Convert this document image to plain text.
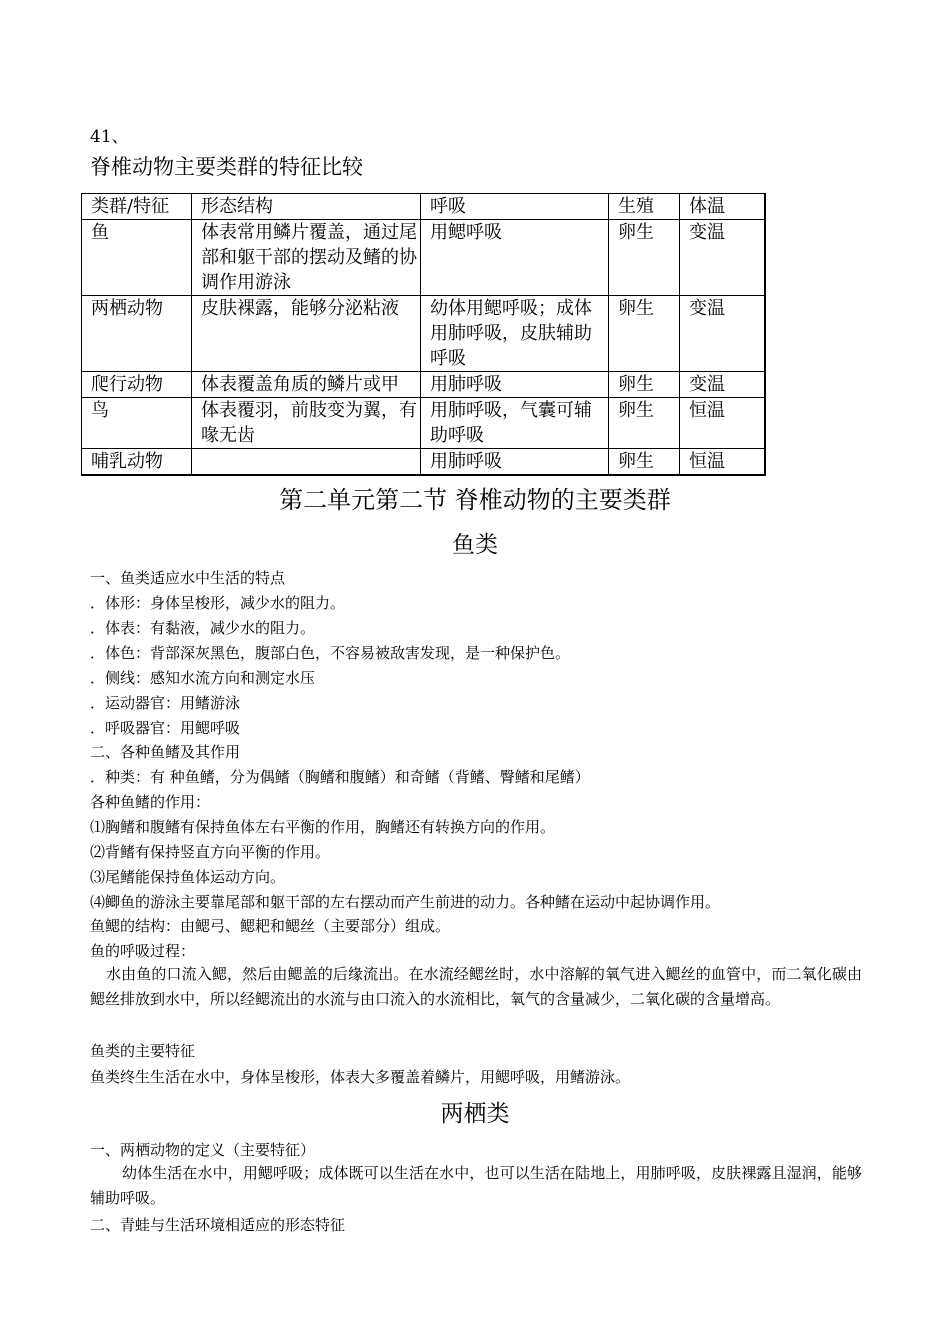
41、
脊椎动物主要类群的特征比较
类群/特征	形态结构	呼吸	生殖	体温
鱼	体表常用鳞片覆盖，通过尾部和躯干部的摆动及鳍的协调作用游泳	用鳃呼吸	卵生	变温
两栖动物	皮肤裸露，能够分泌粘液	幼体用鳃呼吸；成体用肺呼吸，皮肤辅助呼吸	卵生	变温
爬行动物	体表覆盖角质的鳞片或甲	用肺呼吸	卵生	变温
鸟	体表覆羽，前肢变为翼，有喙无齿	用肺呼吸，气囊可辅助呼吸	卵生	恒温
哺乳动物		用肺呼吸	卵生	恒温
第二单元第二节 脊椎动物的主要类群
鱼类
一、鱼类适应水中生活的特点
．体形：身体呈梭形，减少水的阻力。
．体表：有黏液，减少水的阻力。
．体色：背部深灰黑色，腹部白色，不容易被敌害发现，是一种保护色。
．侧线：感知水流方向和测定水压
．运动器官：用鳍游泳
．呼吸器官：用鳃呼吸
二、各种鱼鳍及其作用
．种类：有 种鱼鳍，分为偶鳍（胸鳍和腹鳍）和奇鳍（背鳍、臀鳍和尾鳍）
各种鱼鳍的作用：
⑴胸鳍和腹鳍有保持鱼体左右平衡的作用，胸鳍还有转换方向的作用。
⑵背鳍有保持竖直方向平衡的作用。
⑶尾鳍能保持鱼体运动方向。
⑷鲫鱼的游泳主要靠尾部和躯干部的左右摆动而产生前进的动力。各种鳍在运动中起协调作用。
鱼鳃的结构：由鳃弓、鳃耙和鳃丝（主要部分）组成。
鱼的呼吸过程：
水由鱼的口流入鳃，然后由鳃盖的后缘流出。在水流经鳃丝时，水中溶解的氧气进入鳃丝的血管中，而二氧化碳由鳃丝排放到水中，所以经鳃流出的水流与由口流入的水流相比，氧气的含量减少，二氧化碳的含量增高。
鱼类的主要特征
鱼类终生生活在水中，身体呈梭形，体表大多覆盖着鳞片，用鳃呼吸，用鳍游泳。
两栖类
一、两栖动物的定义（主要特征）
幼体生活在水中，用鳃呼吸；成体既可以生活在水中，也可以生活在陆地上，用肺呼吸，皮肤裸露且湿润，能够辅助呼吸。
二、青蛙与生活环境相适应的形态特征
